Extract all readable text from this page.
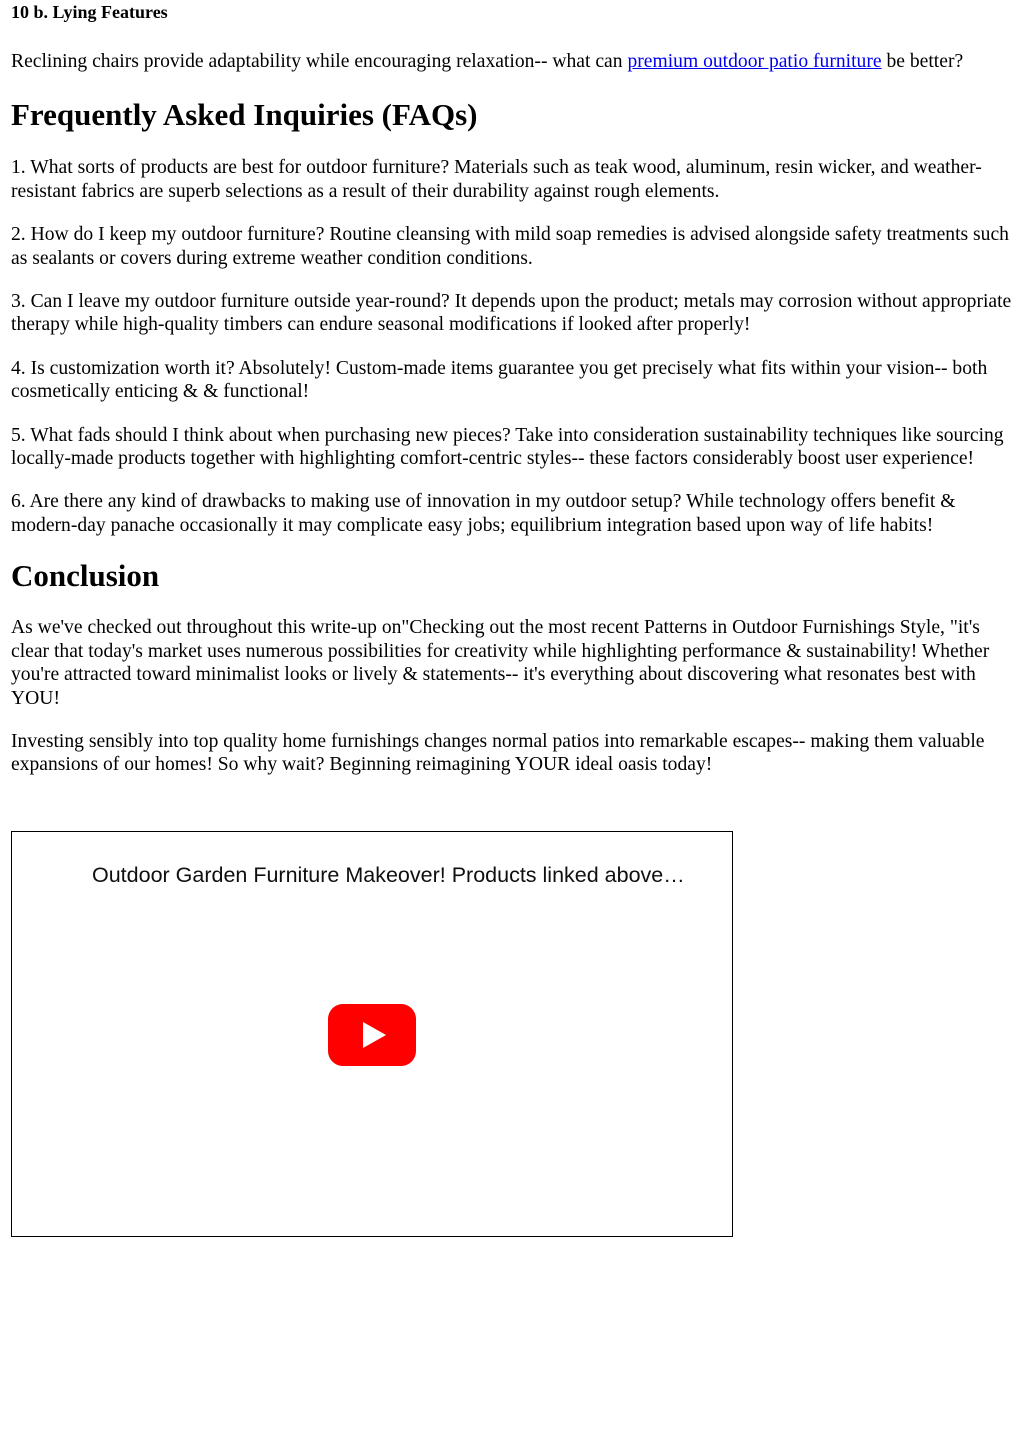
10 b. Lying Features

Reclining chairs provide adaptability while encouraging relaxation-- what can premium outdoor patio furniture be better?

Frequently Asked Inquiries (FAQs)

1. What sorts of products are best for outdoor furniture? Materials such as teak wood, aluminum, resin wicker, and weather-resistant fabrics are superb selections as a result of their durability against rough elements.

2. How do I keep my outdoor furniture? Routine cleansing with mild soap remedies is advised alongside safety treatments such as sealants or covers during extreme weather condition conditions.

3. Can I leave my outdoor furniture outside year-round? It depends upon the product; metals may corrosion without appropriate therapy while high-quality timbers can endure seasonal modifications if looked after properly!

4. Is customization worth it? Absolutely! Custom-made items guarantee you get precisely what fits within your vision-- both cosmetically enticing & & functional!

5. What fads should I think about when purchasing new pieces? Take into consideration sustainability techniques like sourcing locally-made products together with highlighting comfort-centric styles-- these factors considerably boost user experience!

6. Are there any kind of drawbacks to making use of innovation in my outdoor setup? While technology offers benefit & modern-day panache occasionally it may complicate easy jobs; equilibrium integration based upon way of life habits!

Conclusion

As we've checked out throughout this write-up on"Checking out the most recent Patterns in Outdoor Furnishings Style, "it's clear that today's market uses numerous possibilities for creativity while highlighting performance & sustainability! Whether you're attracted toward minimalist looks or lively & statements-- it's everything about discovering what resonates best with YOU!

Investing sensibly into top quality home furnishings changes normal patios into remarkable escapes-- making them valuable expansions of our homes! So why wait? Beginning reimagining YOUR ideal oasis today!

Outdoor Garden Furniture Makeover! Products linked above…
